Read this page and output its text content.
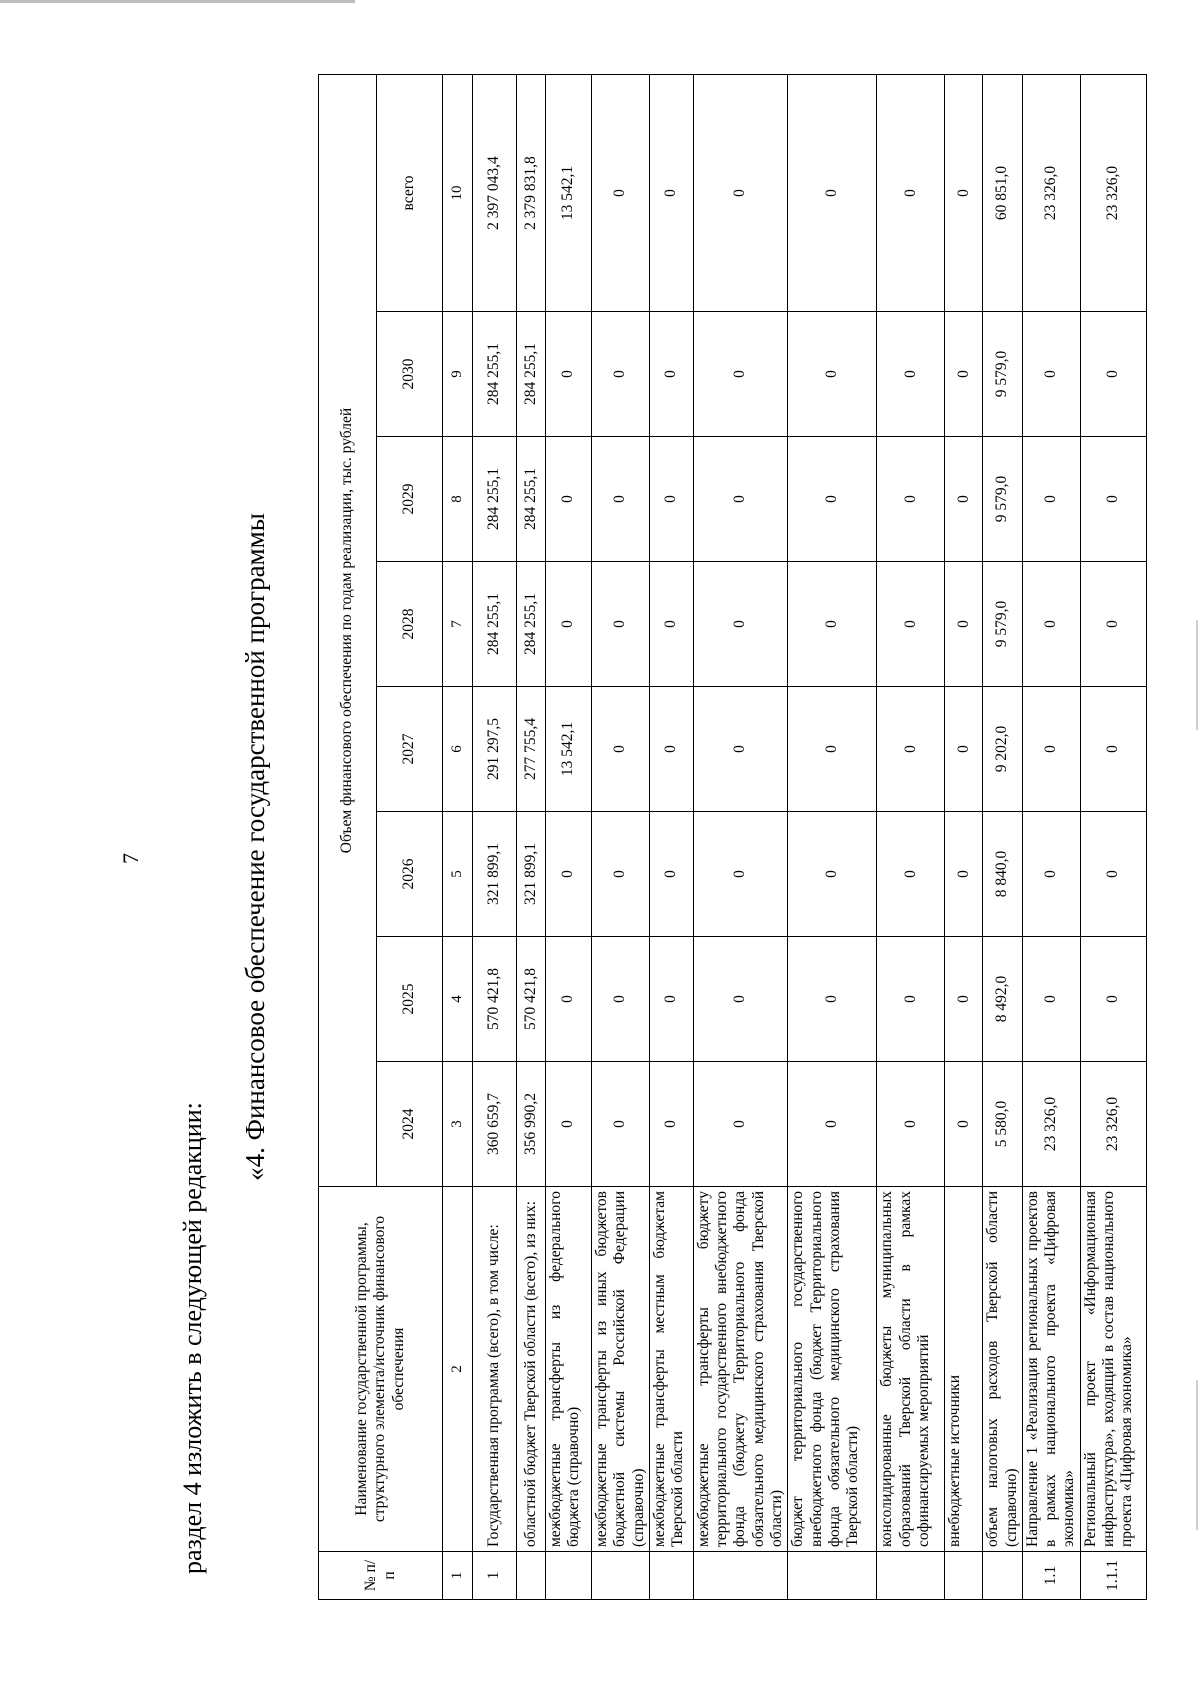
7
раздел 4 изложить в следующей редакции:
«4. Финансовое обеспечение государственной программы
№ п/п	Наименование государственной программы, структурного элемента/источник финансового обеспечения	Объем финансового обеспечения по годам реализации, тыс. рублей							
		2024	2025	2026	2027	2028	2029	2030	всего
1	2	3	4	5	6	7	8	9	10
1	Государственная программа (всего), в том числе:	360 659,7	570 421,8	321 899,1	291 297,5	284 255,1	284 255,1	284 255,1	2 397 043,4
	областной бюджет Тверской области (всего), из них:	356 990,2	570 421,8	321 899,1	277 755,4	284 255,1	284 255,1	284 255,1	2 379 831,8
	межбюджетные трансферты из федерального бюджета (справочно)	0	0	0	13 542,1	0	0	0	13 542,1
	межбюджетные трансферты из иных бюджетов бюджетной системы Российской Федерации (справочно)	0	0	0	0	0	0	0	0
	межбюджетные трансферты местным бюджетам Тверской области	0	0	0	0	0	0	0	0
	межбюджетные трансферты бюджету территориального государственного внебюджетного фонда (бюджету Территориального фонда обязательного медицинского страхования Тверской области)	0	0	0	0	0	0	0	0
	бюджет территориального государственного внебюджетного фонда (бюджет Территориального фонда обязательного медицинского страхования Тверской области)	0	0	0	0	0	0	0	0
	консолидированные бюджеты муниципальных образований Тверской области в рамках софинансируемых мероприятий	0	0	0	0	0	0	0	0
	внебюджетные источники	0	0	0	0	0	0	0	0
	объем налоговых расходов Тверской области (справочно)	5 580,0	8 492,0	8 840,0	9 202,0	9 579,0	9 579,0	9 579,0	60 851,0
1.1	Направление 1 «Реализация региональных проектов в рамках национального проекта «Цифровая экономика»	23 326,0	0	0	0	0	0	0	23 326,0
1.1.1	Региональный проект «Информационная инфраструктура», входящий в состав национального проекта «Цифровая экономика»	23 326,0	0	0	0	0	0	0	23 326,0
